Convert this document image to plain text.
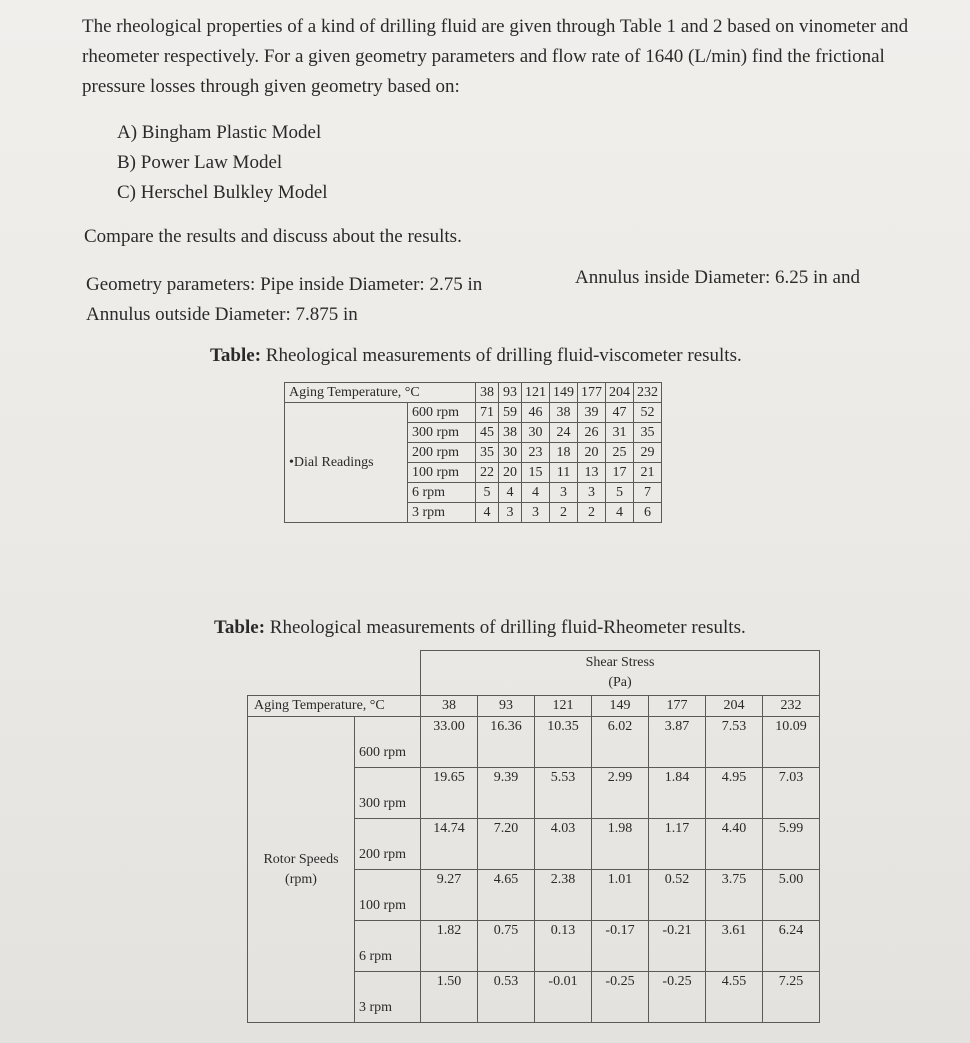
The rheological properties of a kind of drilling fluid are given through Table 1 and 2 based on vinometer and rheometer respectively. For a given geometry parameters and flow rate of 1640 (L/min) find the frictional pressure losses through given geometry based on:
A) Bingham Plastic Model
B) Power Law Model
C) Herschel Bulkley Model
Compare the results and discuss about the results.
Geometry parameters: Pipe inside Diameter: 2.75 in	Annulus inside Diameter: 6.25 in and
Annulus outside Diameter: 7.875 in
Table: Rheological measurements of drilling fluid-viscometer results.
Aging Temperature, °C		38	93	121	149	177	204	232
•Dial Readings	600 rpm	71	59	46	38	39	47	52
	300 rpm	45	38	30	24	26	31	35
	200 rpm	35	30	23	18	20	25	29
	100 rpm	22	20	15	11	13	17	21
	6 rpm	5	4	4	3	3	5	7
	3 rpm	4	3	3	2	2	4	6
Table: Rheological measurements of drilling fluid-Rheometer results.

		Shear Stress
(Pa)						

Aging Temperature, °C		38	93	121	149	177	204	232

Rotor Speeds
(rpm)	600 rpm	33.00	16.36	10.35	6.02	3.87	7.53	10.09
	300 rpm	19.65	9.39	5.53	2.99	1.84	4.95	7.03
	200 rpm	14.74	7.20	4.03	1.98	1.17	4.40	5.99
	100 rpm	9.27	4.65	2.38	1.01	0.52	3.75	5.00
	6 rpm	1.82	0.75	0.13	-0.17	-0.21	3.61	6.24
	3 rpm	1.50	0.53	-0.01	-0.25	-0.25	4.55	7.25
